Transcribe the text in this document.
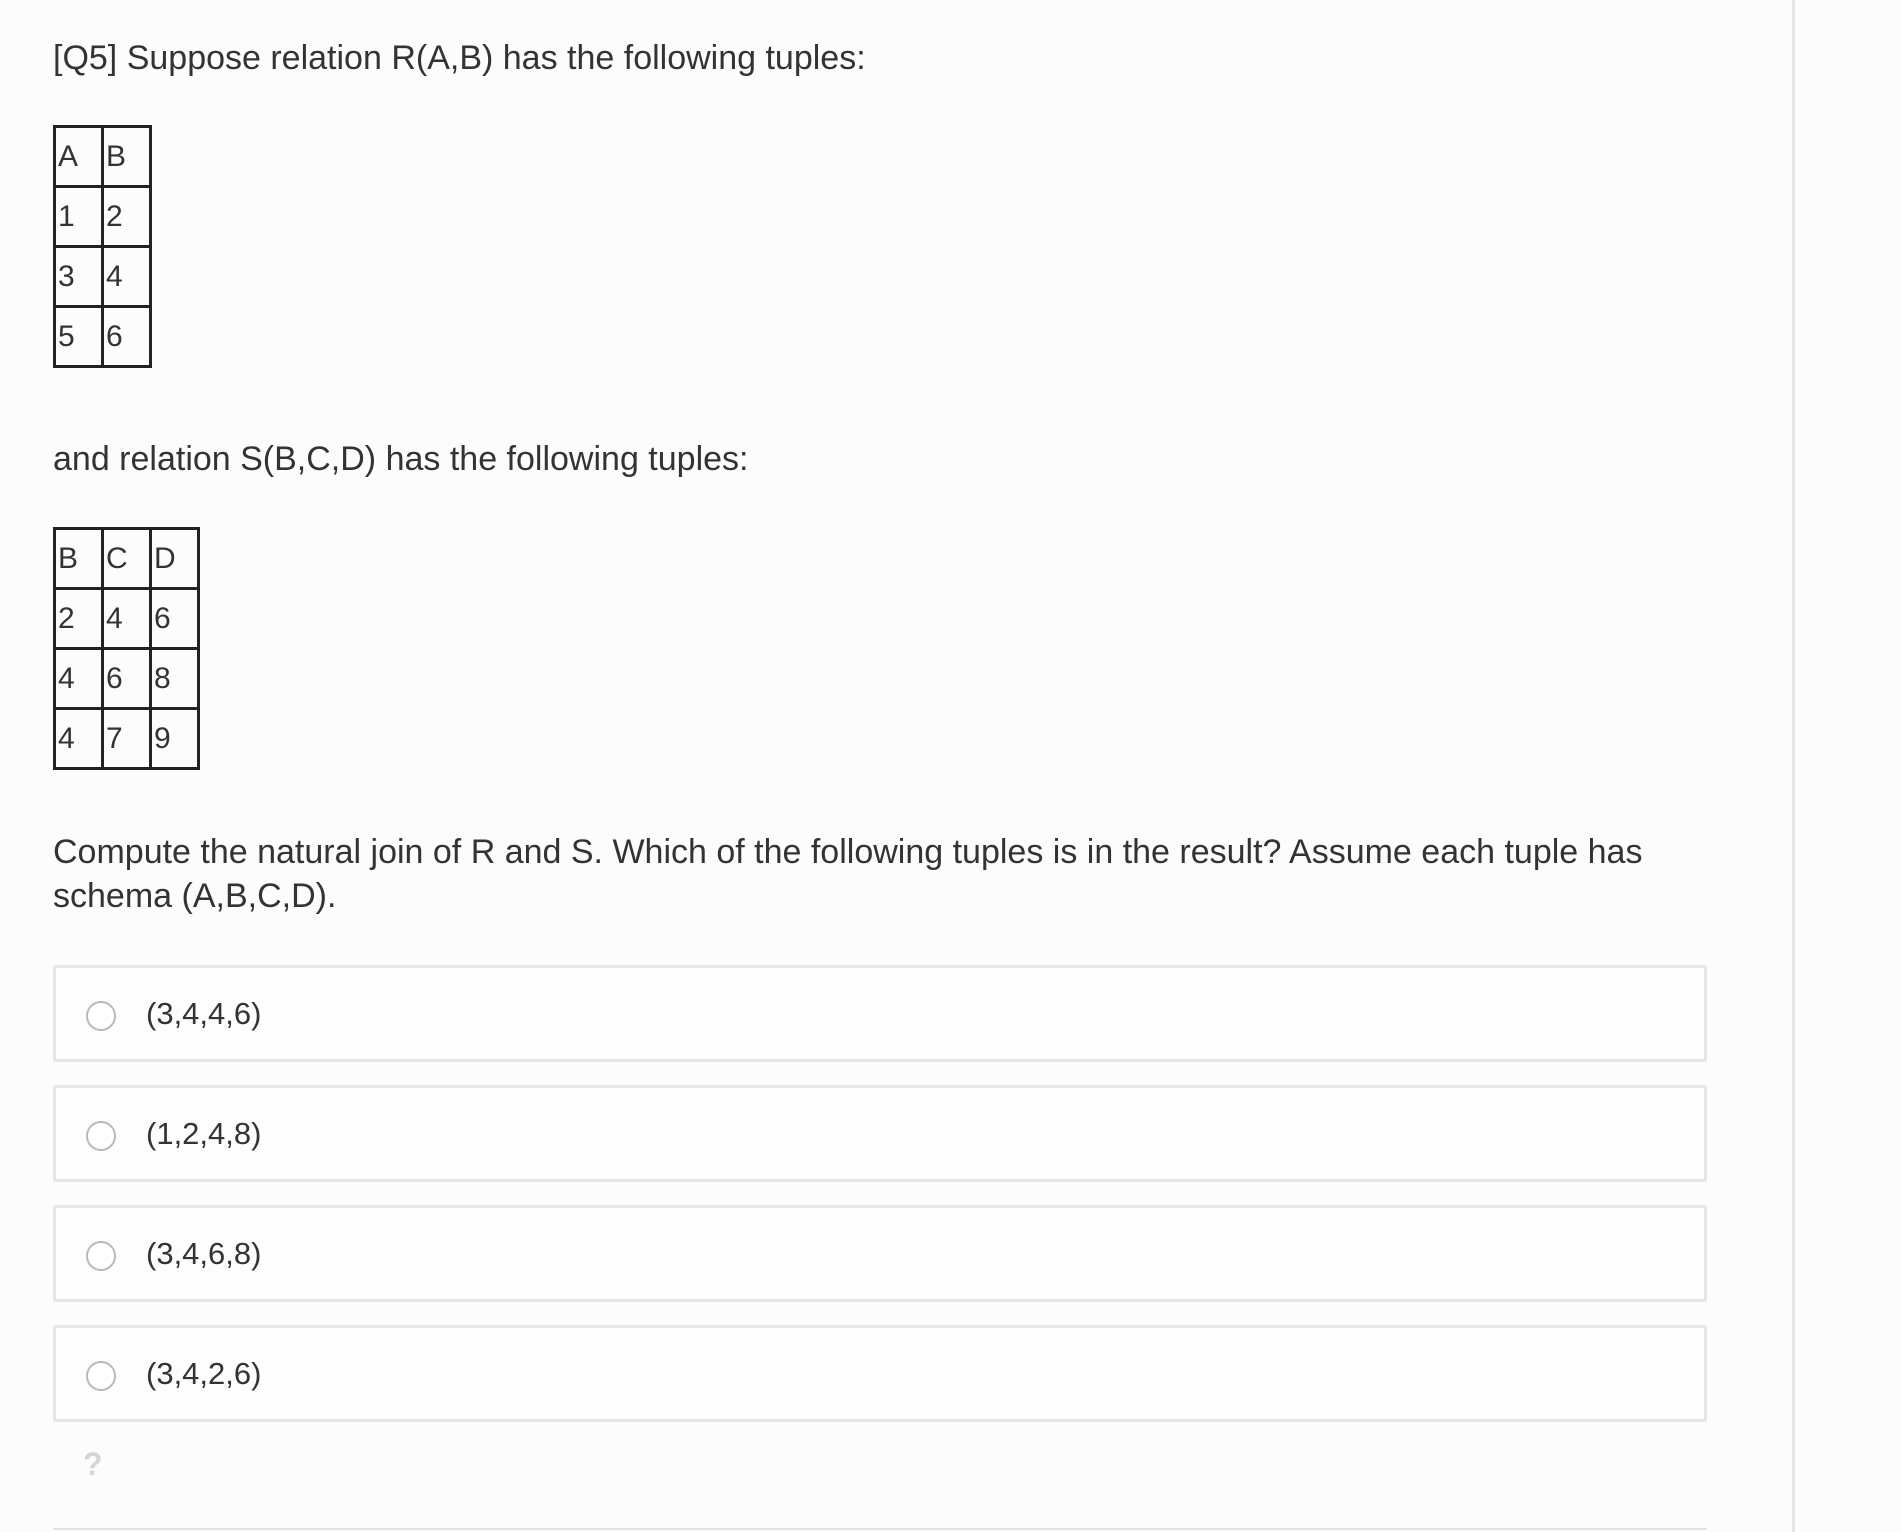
[Q5] Suppose relation R(A,B) has the following tuples:
A	B
1	2
3	4
5	6
and relation S(B,C,D) has the following tuples:
B	C	D
2	4	6
4	6	8
4	7	9
Compute the natural join of R and S. Which of the following tuples is in the result? Assume each tuple has schema (A,B,C,D).
(3,4,4,6)
(1,2,4,8)
(3,4,6,8)
(3,4,2,6)
?
